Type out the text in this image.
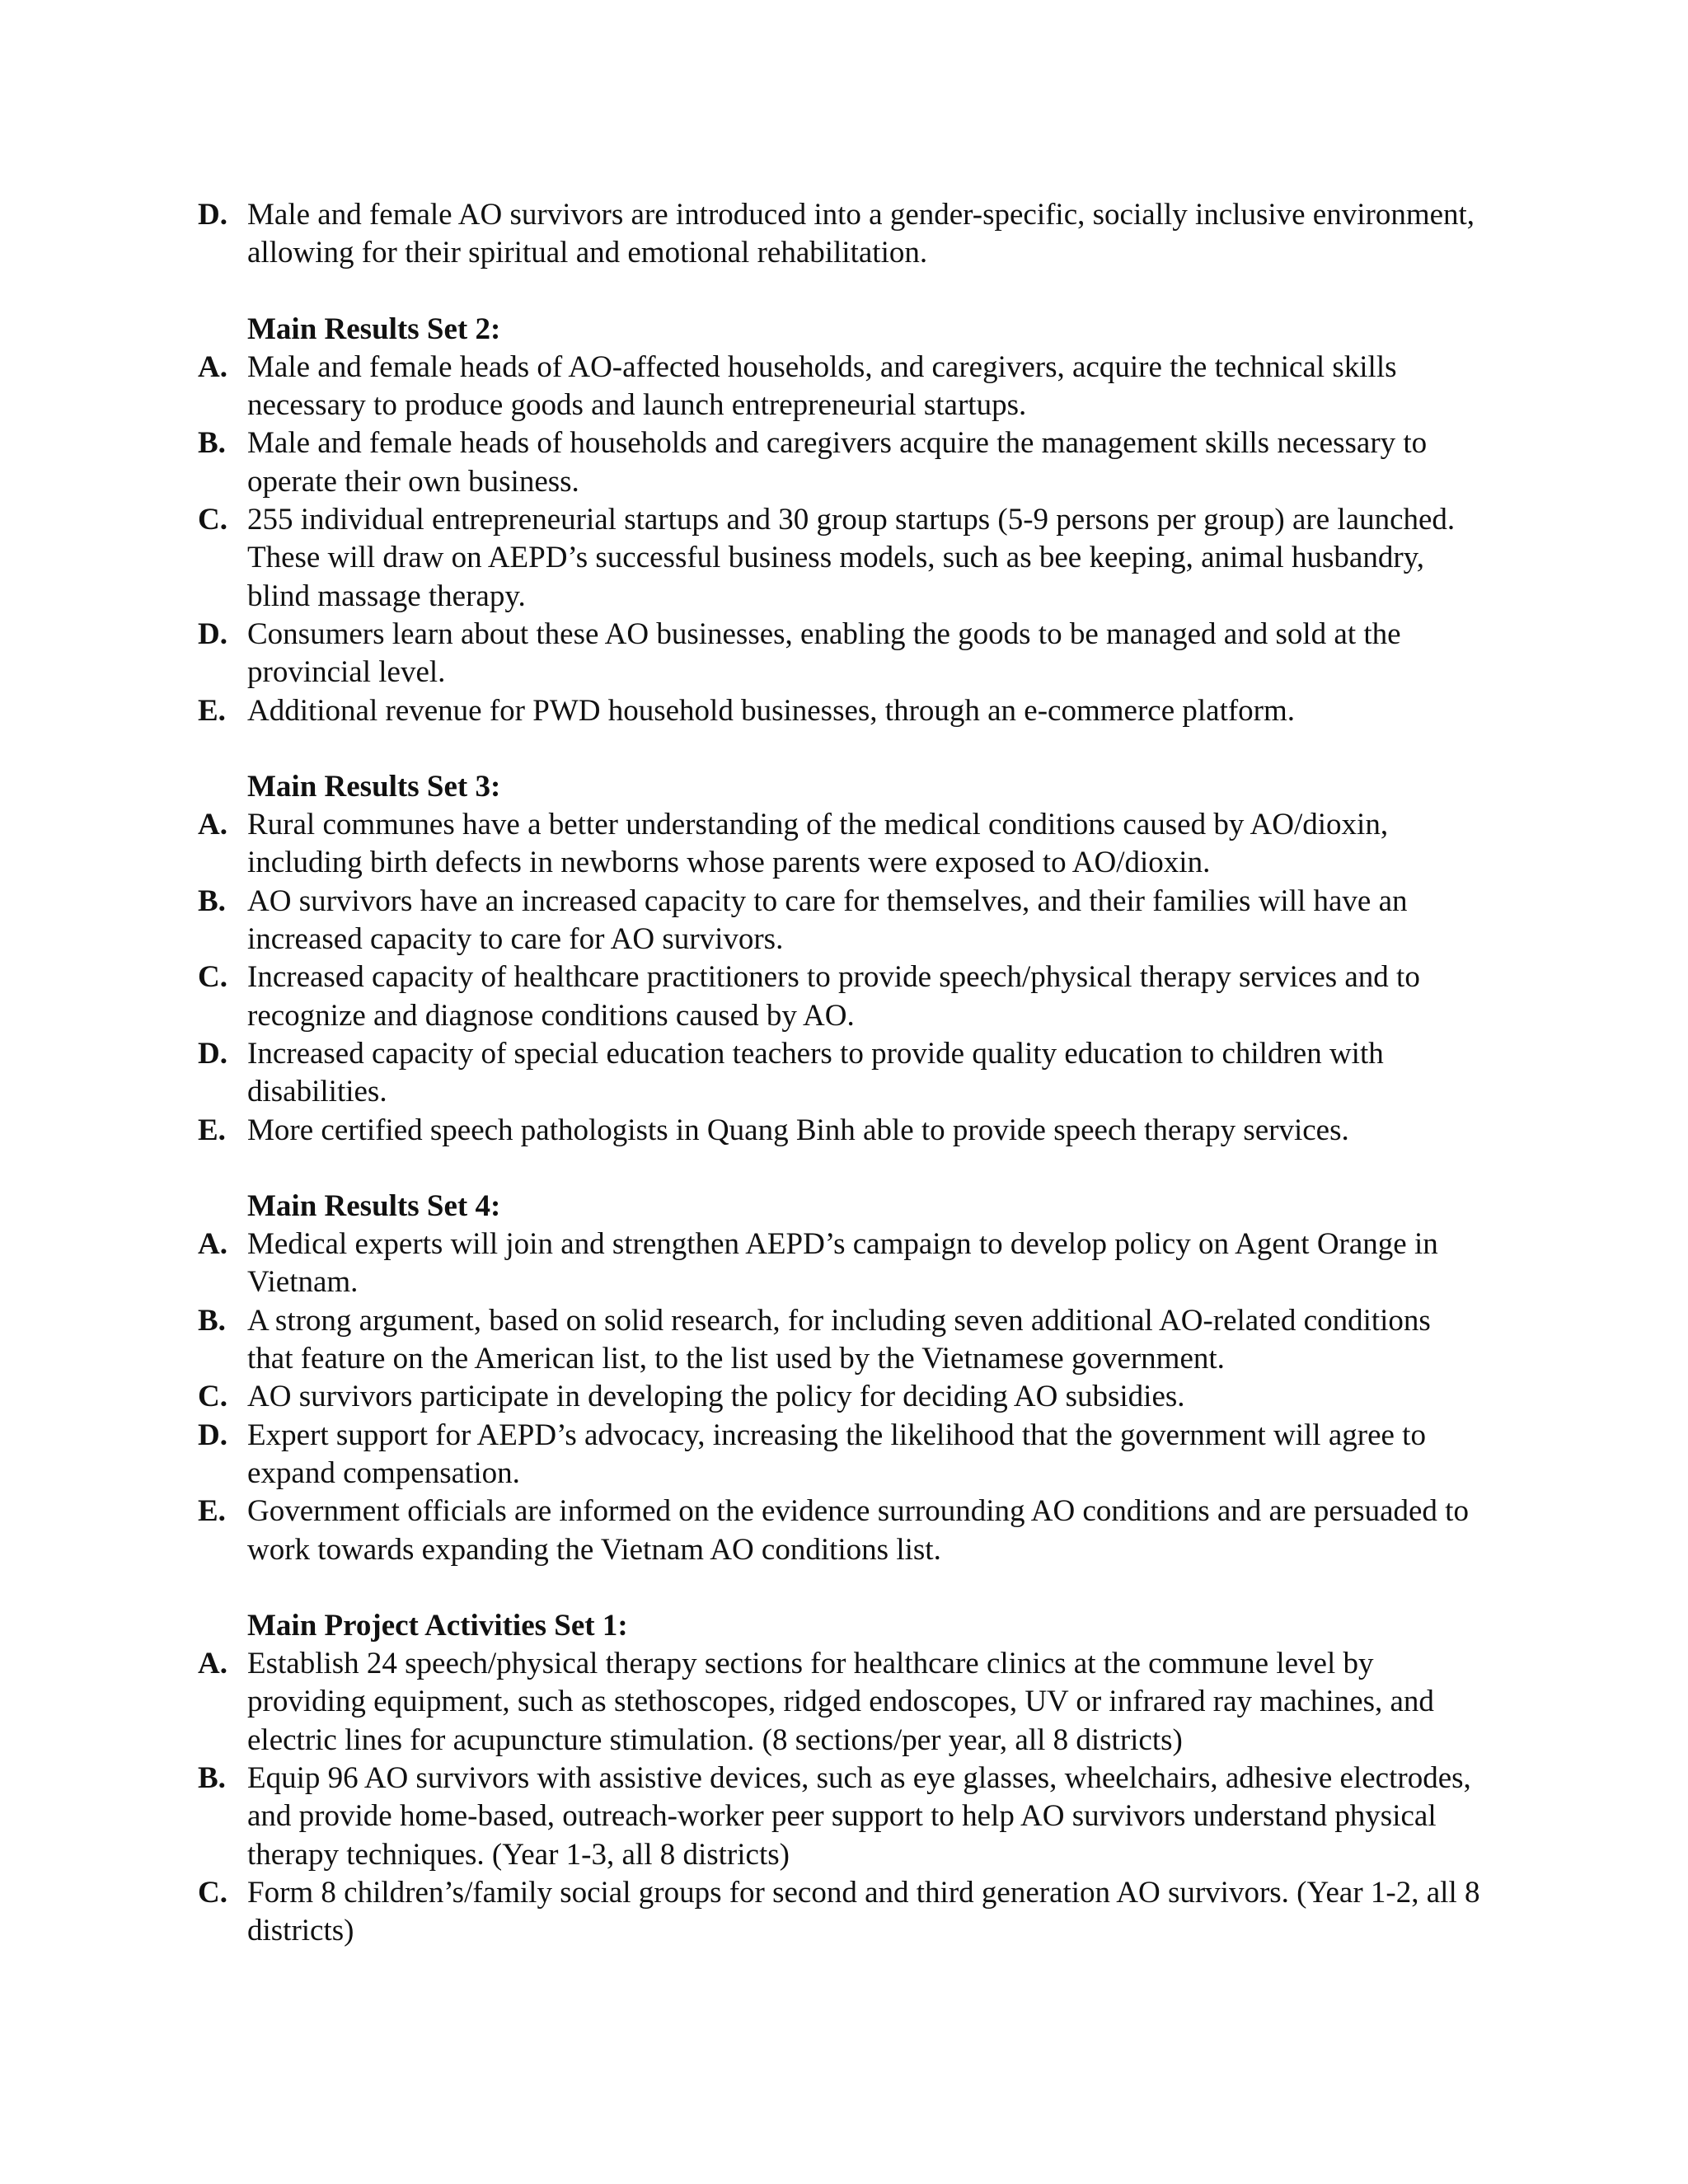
D. Male and female AO survivors are introduced into a gender-specific, socially inclusive environment, allowing for their spiritual and emotional rehabilitation.
Main Results Set 2:
A. Male and female heads of AO-affected households, and caregivers, acquire the technical skills necessary to produce goods and launch entrepreneurial startups.
B. Male and female heads of households and caregivers acquire the management skills necessary to operate their own business.
C. 255 individual entrepreneurial startups and 30 group startups (5-9 persons per group) are launched. These will draw on AEPD’s successful business models, such as bee keeping, animal husbandry, blind massage therapy.
D. Consumers learn about these AO businesses, enabling the goods to be managed and sold at the provincial level.
E. Additional revenue for PWD household businesses, through an e-commerce platform.
Main Results Set 3:
A. Rural communes have a better understanding of the medical conditions caused by AO/dioxin, including birth defects in newborns whose parents were exposed to AO/dioxin.
B. AO survivors have an increased capacity to care for themselves, and their families will have an increased capacity to care for AO survivors.
C. Increased capacity of healthcare practitioners to provide speech/physical therapy services and to recognize and diagnose conditions caused by AO.
D. Increased capacity of special education teachers to provide quality education to children with disabilities.
E. More certified speech pathologists in Quang Binh able to provide speech therapy services.
Main Results Set 4:
A. Medical experts will join and strengthen AEPD’s campaign to develop policy on Agent Orange in Vietnam.
B. A strong argument, based on solid research, for including seven additional AO-related conditions that feature on the American list, to the list used by the Vietnamese government.
C. AO survivors participate in developing the policy for deciding AO subsidies.
D. Expert support for AEPD’s advocacy, increasing the likelihood that the government will agree to expand compensation.
E. Government officials are informed on the evidence surrounding AO conditions and are persuaded to work towards expanding the Vietnam AO conditions list.
Main Project Activities Set 1:
A. Establish 24 speech/physical therapy sections for healthcare clinics at the commune level by providing equipment, such as stethoscopes, ridged endoscopes, UV or infrared ray machines, and electric lines for acupuncture stimulation. (8 sections/per year, all 8 districts)
B. Equip 96 AO survivors with assistive devices, such as eye glasses, wheelchairs, adhesive electrodes, and provide home-based, outreach-worker peer support to help AO survivors understand physical therapy techniques. (Year 1-3, all 8 districts)
C. Form 8 children’s/family social groups for second and third generation AO survivors. (Year 1-2, all 8 districts)
